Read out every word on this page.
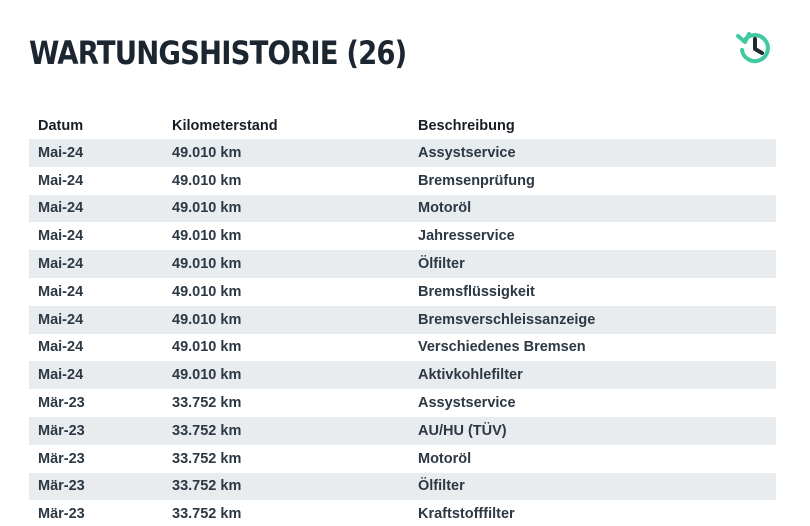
WARTUNGSHISTORIE (26)
Datum	Kilometerstand	Beschreibung
Mai-24	49.010 km	Assystservice
Mai-24	49.010 km	Bremsenprüfung
Mai-24	49.010 km	Motoröl
Mai-24	49.010 km	Jahresservice
Mai-24	49.010 km	Ölfilter
Mai-24	49.010 km	Bremsflüssigkeit
Mai-24	49.010 km	Bremsverschleissanzeige
Mai-24	49.010 km	Verschiedenes Bremsen
Mai-24	49.010 km	Aktivkohlefilter
Mär-23	33.752 km	Assystservice
Mär-23	33.752 km	AU/HU (TÜV)
Mär-23	33.752 km	Motoröl
Mär-23	33.752 km	Ölfilter
Mär-23	33.752 km	Kraftstofffilter
